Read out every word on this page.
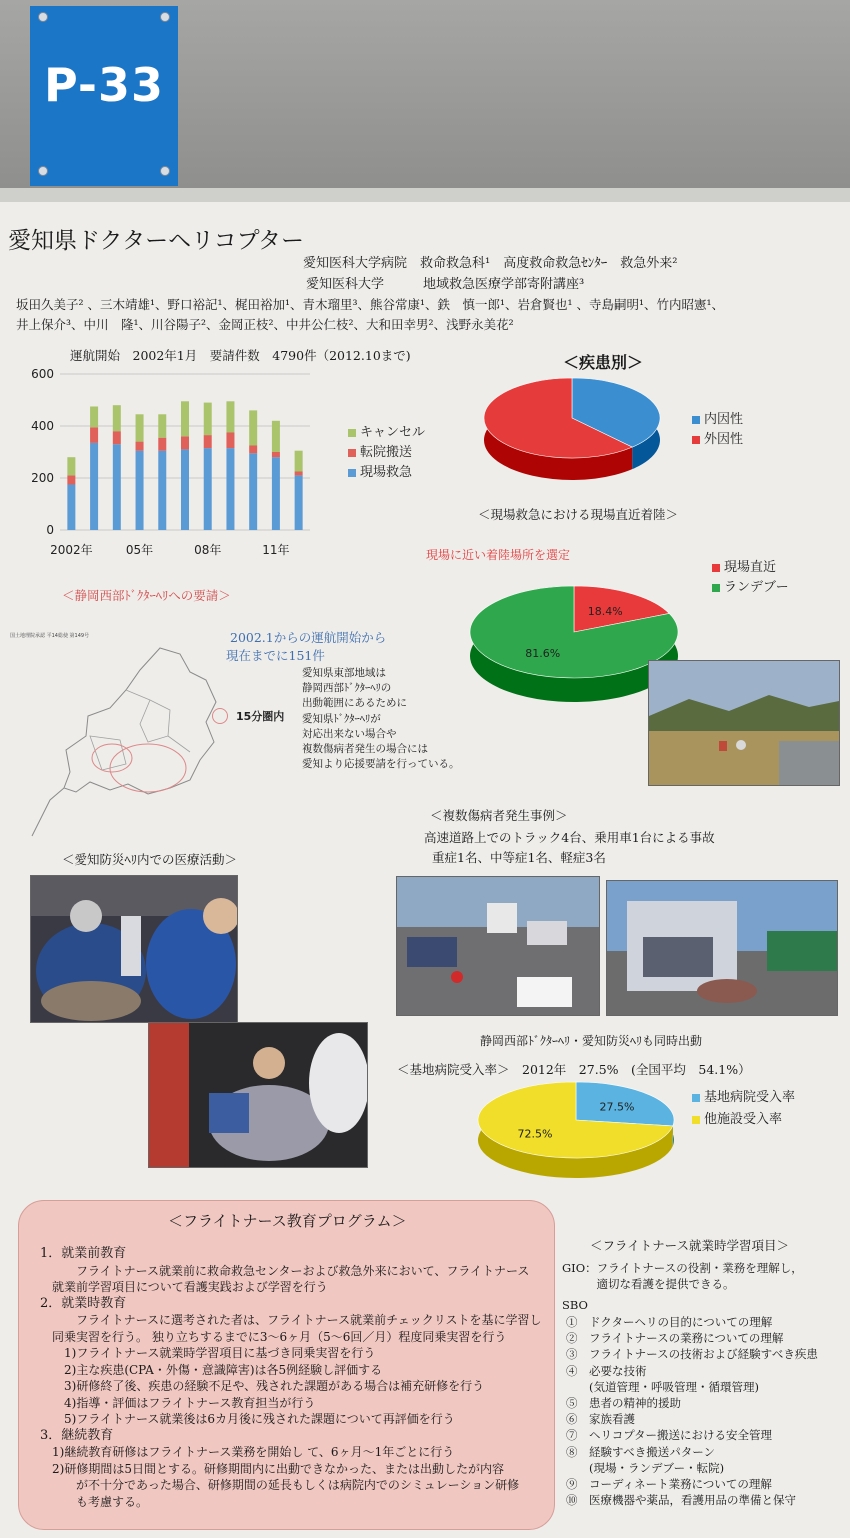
P-33
愛知県ドクターヘリコプター
愛知医科大学病院　救命救急科¹　高度救命救急ｾﾝﾀｰ　救急外来²
愛知医科大学　　　地域救急医療学部寄附講座³
坂田久美子² 、三木靖雄¹、野口裕記¹、梶田裕加¹、青木瑠里³、熊谷常康¹、鉄　慎一郎¹、岩倉賢也¹ 、寺島嗣明¹、竹内昭憲¹、
井上保介³、中川　隆¹、川谷陽子²、金岡正枝²、中井公仁枝²、大和田幸男²、浅野永美花²
運航開始　2002年1月　要請件数　4790件（2012.10まで)
0
200
400
600
2002年	05年	08年	11年
キャンセル
転院搬送
現場救急
＜疾患別＞
内因性
外因性
＜現場救急における現場直近着陸＞
現場に近い着陸場所を選定
現場直近
ランデブー
18.4%
81.6%
＜静岡西部ﾄﾞｸﾀｰﾍﾘへの要請＞
国土地理院承認 平14総使 第149号	2002.1からの運航開始から
現在までに151件
15分圏内
愛知県東部地域は
静岡西部ﾄﾞｸﾀｰﾍﾘの
出動範囲にあるために
愛知県ﾄﾞｸﾀｰﾍﾘが
対応出来ない場合や
複数傷病者発生の場合には
愛知より応援要請を行っている。
＜複数傷病者発生事例＞
高速道路上でのトラック4台、乗用車1台による事故
重症1名、中等症1名、軽症3名
＜愛知防災ﾍﾘ内での医療活動＞
静岡西部ﾄﾞｸﾀｰﾍﾘ・愛知防災ﾍﾘも同時出動
＜基地病院受入率＞　2012年　27.5%　(全国平均　54.1%）
27.5%
72.5%
基地病院受入率
他施設受入率
＜フライトナース教育プログラム＞
1．就業前教育
　　　フライトナース就業前に救命救急センターおよび救急外来において、フライトナース
　就業前学習項目について看護実践および学習を行う
2．就業時教育
　　　フライトナースに選考された者は、フライトナース就業前チェックリストを基に学習し
　同乗実習を行う。 独り立ちするまでに3～6ヶ月（5～6回／月）程度同乗実習を行う
　　1)フライトナース就業時学習項目に基づき同乗実習を行う
　　2)主な疾患(CPA・外傷・意識障害)は各5例経験し評価する
　　3)研修終了後、疾患の経験不足や、残された課題がある場合は補充研修を行う
　　4)指導・評価はフライトナース教育担当が行う
　　5)フライトナース就業後は6カ月後に残された課題について再評価を行う
3．継続教育
　1)継続教育研修はフライトナース業務を開始し て、6ヶ月～1年ごとに行う
　2)研修期間は5日間とする。研修期間内に出動できなかった、または出動したが内容
　　　が不十分であった場合、研修期間の延長もしくは病院内でのシミュレーション研修
　　　も考慮する。
＜フライトナース就業時学習項目＞
GIO：フライトナースの役割・業務を理解し，
　　　適切な看護を提供できる。
SBO
①　ドクターヘリの目的についての理解
②　フライトナースの業務についての理解
③　フライトナースの技術および経験すべき疾患
④　必要な技術
　　(気道管理・呼吸管理・循環管理)
⑤　患者の精神的援助
⑥　家族看護
⑦　ヘリコプター搬送における安全管理
⑧　経験すべき搬送パターン
　　(現場・ランデブー・転院)
⑨　コーディネート業務についての理解
⑩　医療機器や薬品，看護用品の準備と保守
